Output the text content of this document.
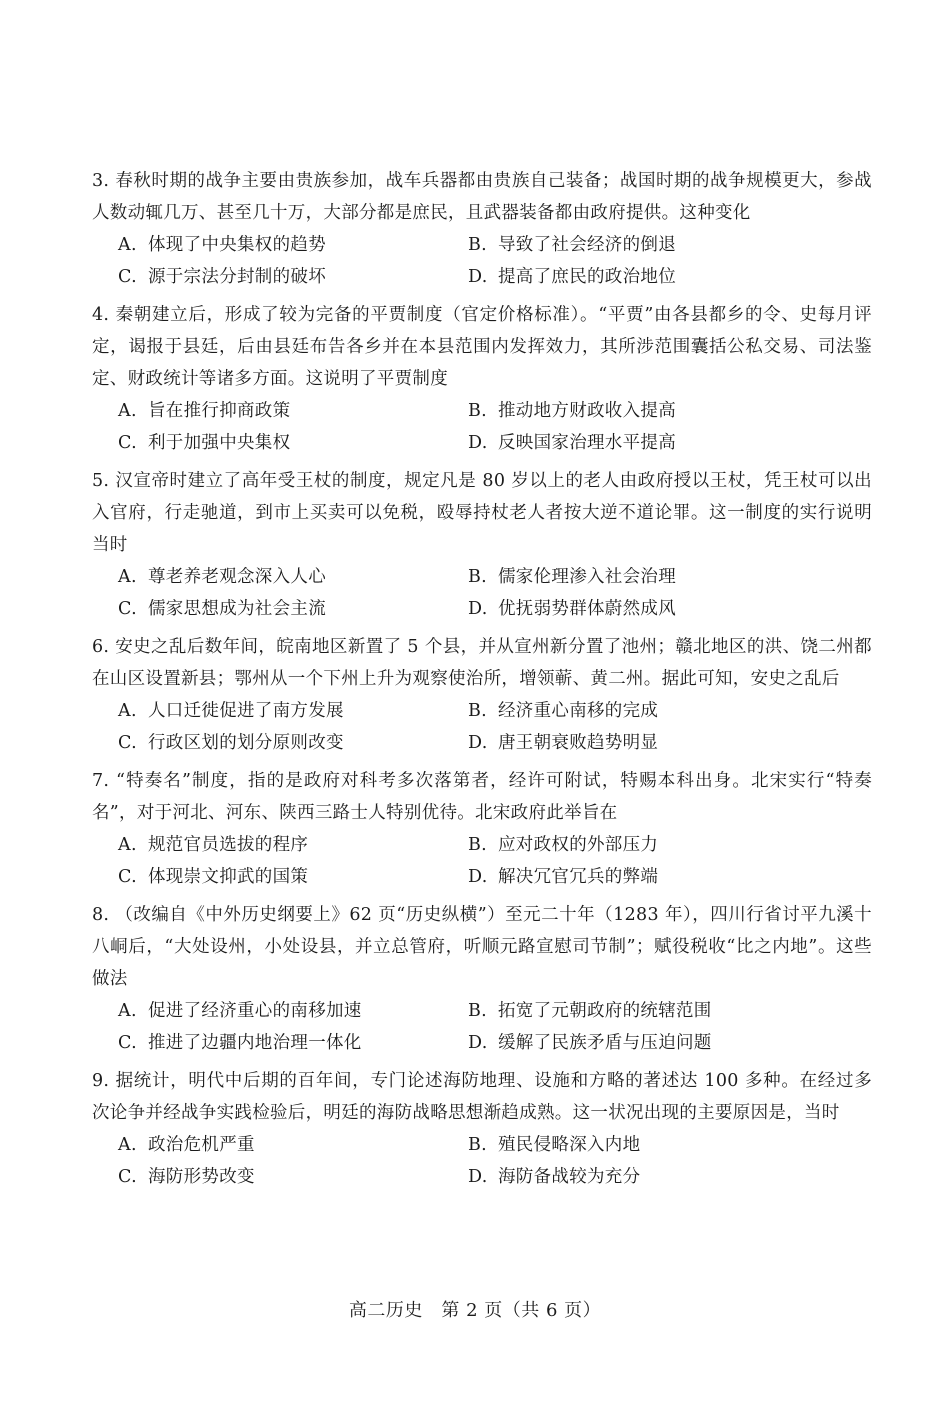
3. 春秋时期的战争主要由贵族参加，战车兵器都由贵族自己装备；战国时期的战争规模更大，参战人数动辄几万、甚至几十万，大部分都是庶民，且武器装备都由政府提供。这种变化
A. 体现了中央集权的趋势	B. 导致了社会经济的倒退
C. 源于宗法分封制的破坏	D. 提高了庶民的政治地位
4. 秦朝建立后，形成了较为完备的平贾制度（官定价格标准）。“平贾”由各县都乡的令、史每月评定，谒报于县廷，后由县廷布告各乡并在本县范围内发挥效力，其所涉范围囊括公私交易、司法鉴定、财政统计等诸多方面。这说明了平贾制度
A. 旨在推行抑商政策	B. 推动地方财政收入提高
C. 利于加强中央集权	D. 反映国家治理水平提高
5. 汉宣帝时建立了高年受王杖的制度，规定凡是 80 岁以上的老人由政府授以王杖，凭王杖可以出入官府，行走驰道，到市上买卖可以免税，殴辱持杖老人者按大逆不道论罪。这一制度的实行说明当时
A. 尊老养老观念深入人心	B. 儒家伦理渗入社会治理
C. 儒家思想成为社会主流	D. 优抚弱势群体蔚然成风
6. 安史之乱后数年间，皖南地区新置了 5 个县，并从宣州新分置了池州；赣北地区的洪、饶二州都在山区设置新县；鄂州从一个下州上升为观察使治所，增领蕲、黄二州。据此可知，安史之乱后
A. 人口迁徙促进了南方发展	B. 经济重心南移的完成
C. 行政区划的划分原则改变	D. 唐王朝衰败趋势明显
7. “特奏名”制度，指的是政府对科考多次落第者，经许可附试，特赐本科出身。北宋实行“特奏名”，对于河北、河东、陕西三路士人特别优待。北宋政府此举旨在
A. 规范官员选拔的程序	B. 应对政权的外部压力
C. 体现崇文抑武的国策	D. 解决冗官冗兵的弊端
8. （改编自《中外历史纲要上》62 页“历史纵横”）至元二十年（1283 年），四川行省讨平九溪十八峒后，“大处设州，小处设县，并立总管府，听顺元路宣慰司节制”；赋役税收“比之内地”。这些做法
A. 促进了经济重心的南移加速	B. 拓宽了元朝政府的统辖范围
C. 推进了边疆内地治理一体化	D. 缓解了民族矛盾与压迫问题
9. 据统计，明代中后期的百年间，专门论述海防地理、设施和方略的著述达 100 多种。在经过多次论争并经战争实践检验后，明廷的海防战略思想渐趋成熟。这一状况出现的主要原因是，当时
A. 政治危机严重	B. 殖民侵略深入内地
C. 海防形势改变	D. 海防备战较为充分
高二历史　第 2 页（共 6 页）
